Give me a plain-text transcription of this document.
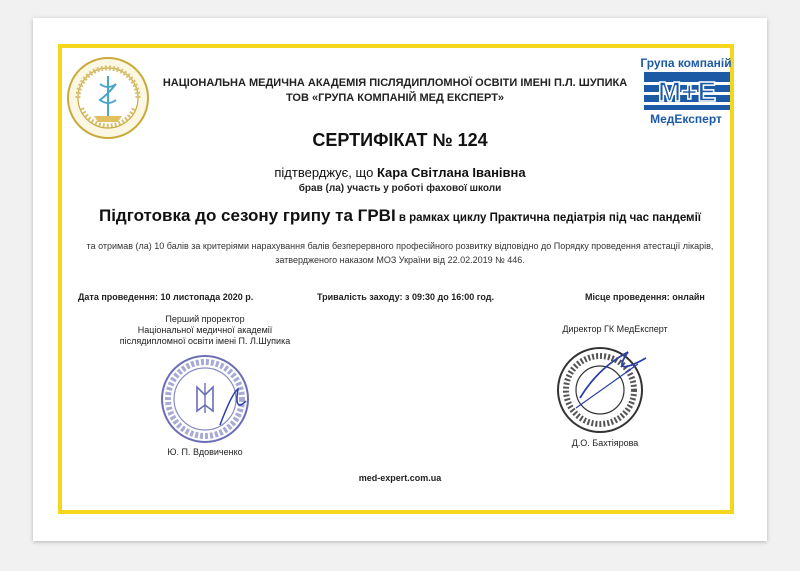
НАЦІОНАЛЬНА МЕДИЧНА АКАДЕМІЯ ПІСЛЯДИПЛОМНОЇ ОСВІТИ ІМЕНІ П.Л. ШУПИКА
ТОВ «ГРУПА КОМПАНІЙ МЕД ЕКСПЕРТ»
Група компаній
М+Е
МедЕксперт
СЕРТИФІКАТ № 124
підтверджує, що Кара Світлана Іванівна
брав (ла) участь у роботі фахової школи
Підготовка до сезону грипу та ГРВІ в рамках циклу Практична педіатрія під час пандемії
та отримав (ла) 10 балів за критеріями нарахування балів безперервного професійного розвитку відповідно до Порядку проведення атестації лікарів,
затвердженого наказом МОЗ України від 22.02.2019 № 446.
Дата проведення: 10 листопада 2020 р.	Тривалість заходу: з 09:30 до 16:00 год.	Місце проведення: онлайн
Перший проректор
Національної медичної академії
післядипломної освіти імені П. Л.Шупика
Ю. П. Вдовиченко
Директор ГК МедЕксперт
Д.О. Бахтіярова
med-expert.com.ua
